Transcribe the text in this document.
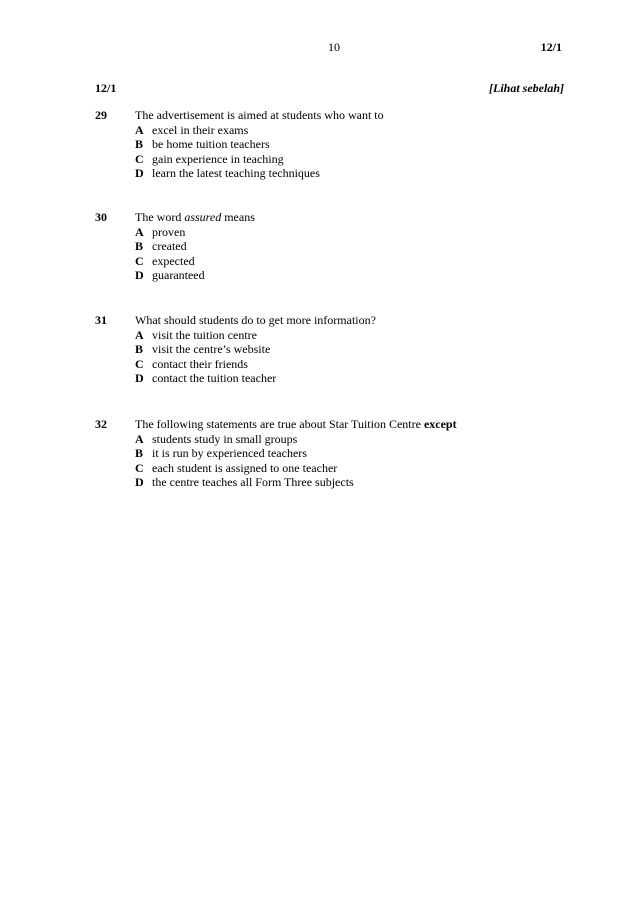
10	12/1
12/1	[Lihat sebelah]
29 The advertisement is aimed at students who want to
A excel in their exams
B be home tuition teachers
C gain experience in teaching
D learn the latest teaching techniques
30 The word assured means
A proven
B created
C expected
D guaranteed
31 What should students do to get more information?
A visit the tuition centre
B visit the centre’s website
C contact their friends
D contact the tuition teacher
32 The following statements are true about Star Tuition Centre except
A students study in small groups
B it is run by experienced teachers
C each student is assigned to one teacher
D the centre teaches all Form Three subjects
